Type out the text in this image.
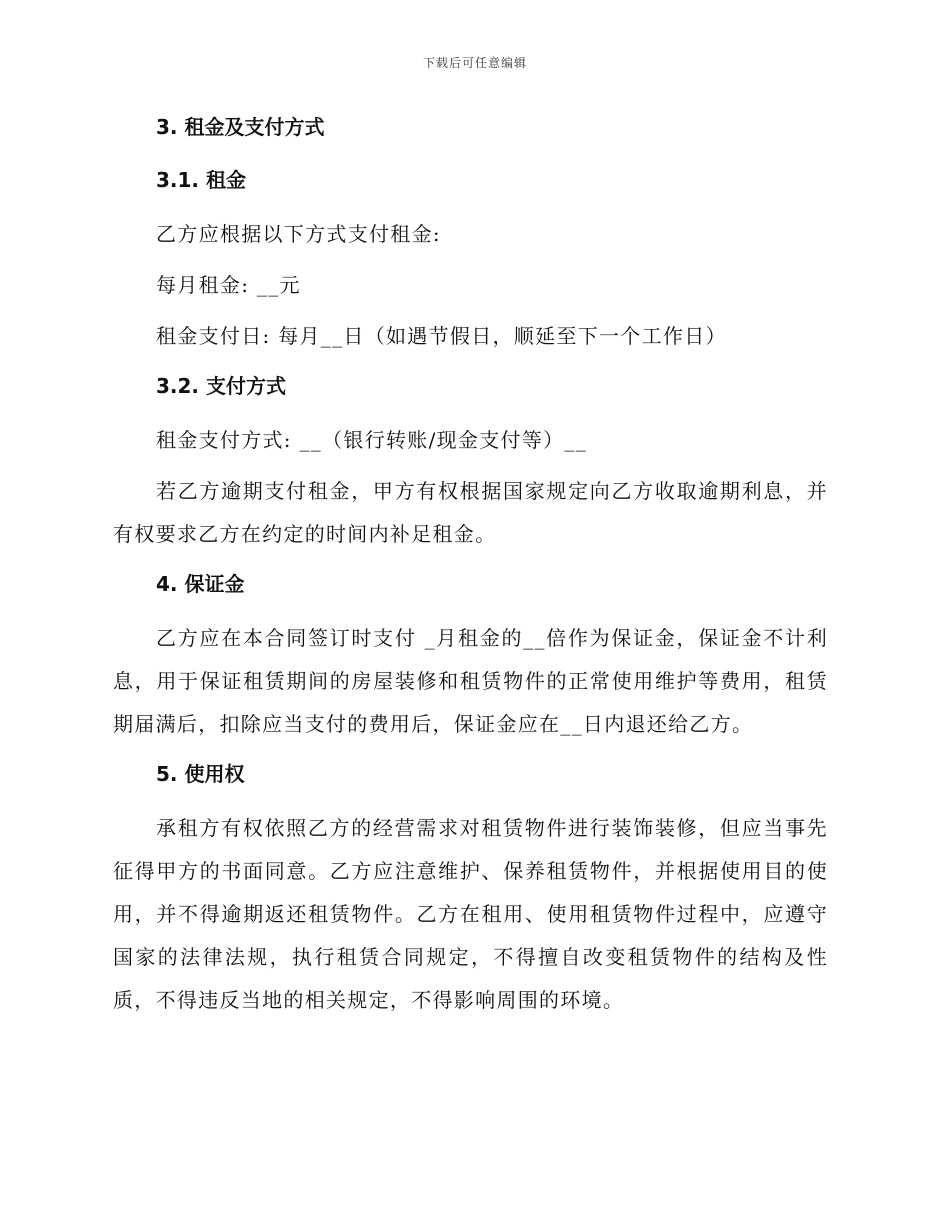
下载后可任意编辑
3. 租金及支付方式
3.1. 租金

乙方应根据以下方式支付租金:

每月租金: __元

租金支付日: 每月__日（如遇节假日，顺延至下一个工作日）

3.2. 支付方式

租金支付方式: __（银行转账/现金支付等）__

若乙方逾期支付租金，甲方有权根据国家规定向乙方收取逾期利息，并有权要求乙方在约定的时间内补足租金。

4. 保证金

乙方应在本合同签订时支付 _月租金的__倍作为保证金，保证金不计利息，用于保证租赁期间的房屋装修和租赁物件的正常使用维护等费用，租赁期届满后，扣除应当支付的费用后，保证金应在__日内退还给乙方。

5. 使用权

承租方有权依照乙方的经营需求对租赁物件进行装饰装修，但应当事先征得甲方的书面同意。乙方应注意维护、保养租赁物件，并根据使用目的使用，并不得逾期返还租赁物件。乙方在租用、使用租赁物件过程中，应遵守国家的法律法规，执行租赁合同规定，不得擅自改变租赁物件的结构及性质，不得违反当地的相关规定，不得影响周围的环境。
